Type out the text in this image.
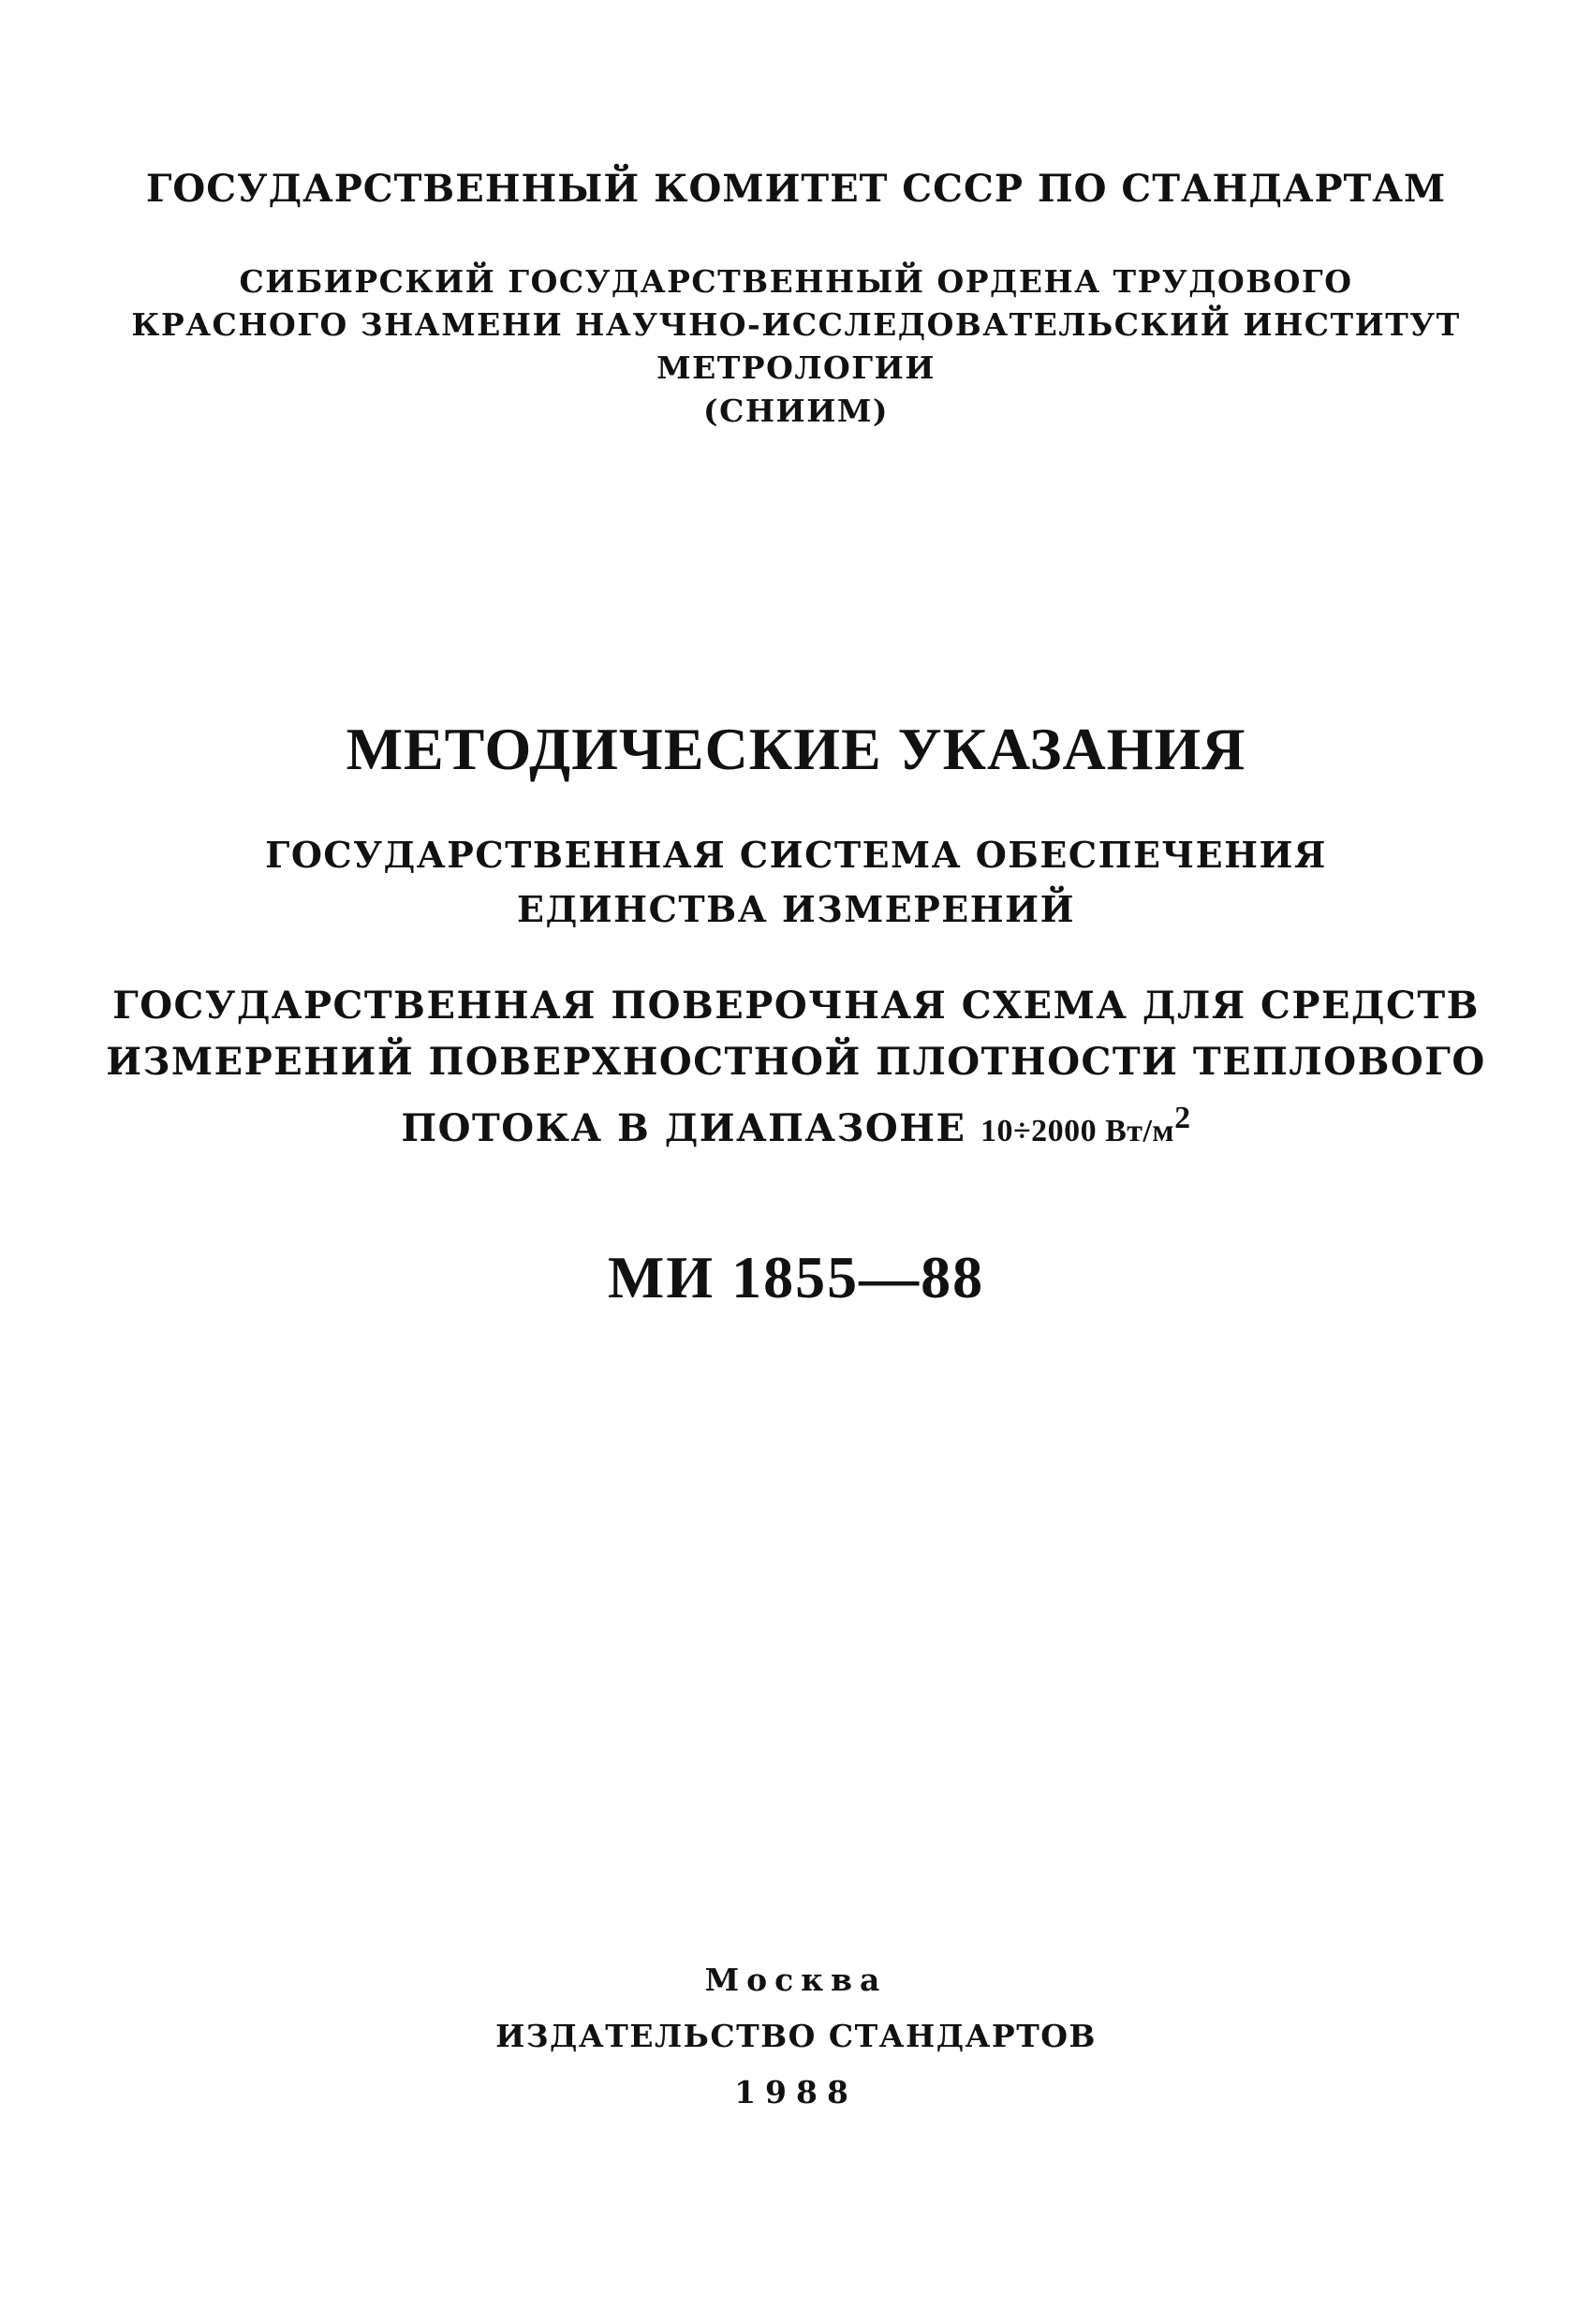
ГОСУДАРСТВЕННЫЙ КОМИТЕТ СССР ПО СТАНДАРТАМ
СИБИРСКИЙ ГОСУДАРСТВЕННЫЙ ОРДЕНА ТРУДОВОГО
КРАСНОГО ЗНАМЕНИ НАУЧНО-ИССЛЕДОВАТЕЛЬСКИЙ ИНСТИТУТ
МЕТРОЛОГИИ
(СНИИМ)
МЕТОДИЧЕСКИЕ УКАЗАНИЯ
ГОСУДАРСТВЕННАЯ СИСТЕМА ОБЕСПЕЧЕНИЯ
ЕДИНСТВА ИЗМЕРЕНИЙ
ГОСУДАРСТВЕННАЯ ПОВЕРОЧНАЯ СХЕМА ДЛЯ СРЕДСТВ
ИЗМЕРЕНИЙ ПОВЕРХНОСТНОЙ ПЛОТНОСТИ ТЕПЛОВОГО
ПОТОКА В ДИАПАЗОНЕ 10÷2000 $Вт/м^2$
МИ 1855—88
Москва
ИЗДАТЕЛЬСТВО СТАНДАРТОВ
1988
